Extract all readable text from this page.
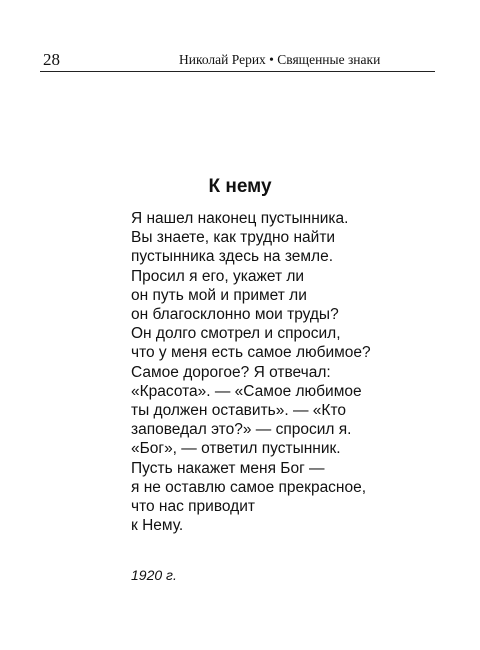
28	Николай Рерих • Священные знаки
К нему
Я нашел наконец пустынника.
Вы знаете, как трудно найти
пустынника здесь на земле.
Просил я его, укажет ли
он путь мой и примет ли
он благосклонно мои труды?
Он долго смотрел и спросил,
что у меня есть самое любимое?
Самое дорогое? Я отвечал:
«Красота». — «Самое любимое
ты должен оставить». — «Кто
заповедал это?» — спросил я.
«Бог», — ответил пустынник.
Пусть накажет меня Бог —
я не оставлю самое прекрасное,
что нас приводит
к Нему.
1920 г.
